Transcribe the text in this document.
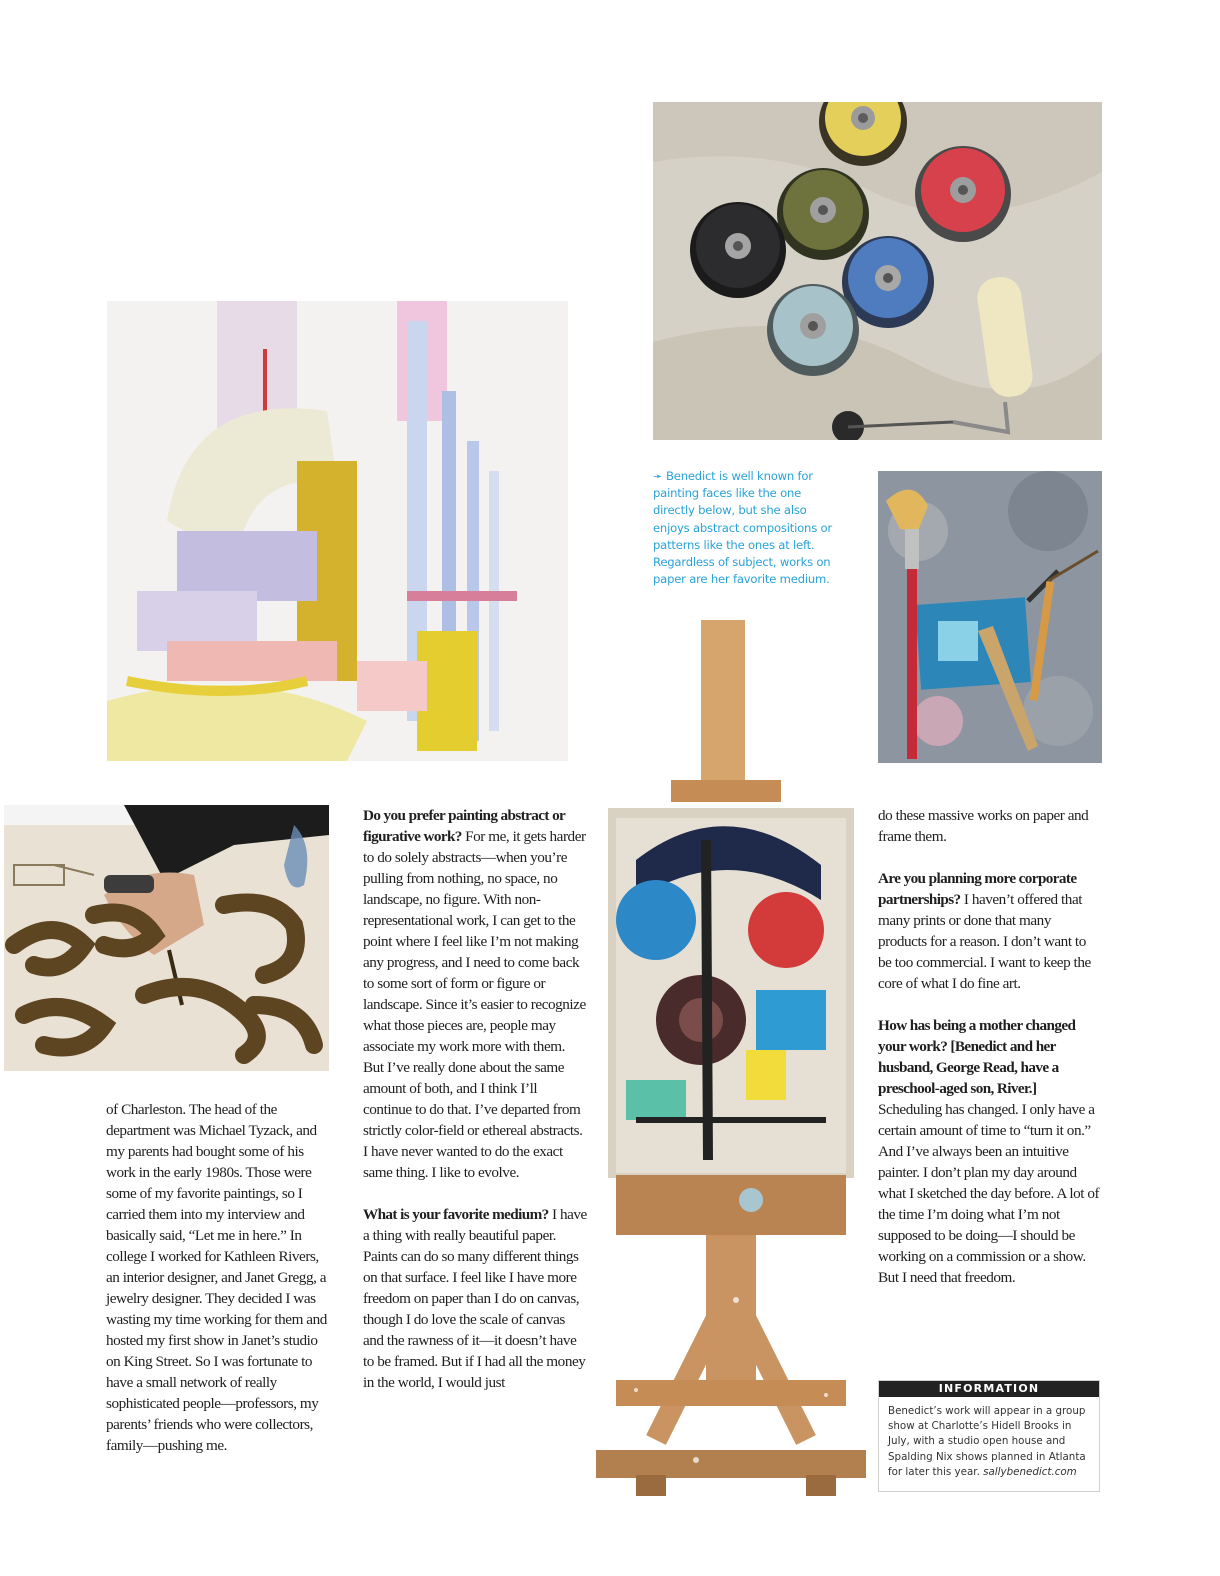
➛ Benedict is well known for painting faces like the one directly below, but she also enjoys abstract compositions or patterns like the ones at left. Regardless of subject, works on paper are her favorite medium.

of Charleston. The head of the department was Michael Tyzack, and my parents had bought some of his work in the early 1980s. Those were some of my favorite paintings, so I carried them into my interview and basically said, “Let me in here.” In college I worked for Kathleen Rivers, an interior designer, and Janet Gregg, a jewelry designer. They decided I was wasting my time working for them and hosted my first show in Janet’s studio on King Street. So I was fortunate to have a small network of really sophisticated people—professors, my parents’ friends who were collectors, family—pushing me.

Do you prefer painting abstract or figurative work? For me, it gets harder to do solely abstracts—when you’re pulling from nothing, no space, no landscape, no figure. With non-representational work, I can get to the point where I feel like I’m not making any progress, and I need to come back to some sort of form or figure or landscape. Since it’s easier to recognize what those pieces are, people may associate my work more with them. But I’ve really done about the same amount of both, and I think I’ll continue to do that. I’ve departed from strictly color-field or ethereal abstracts. I have never wanted to do the exact same thing. I like to evolve.

What is your favorite medium? I have a thing with really beautiful paper. Paints can do so many different things on that surface. I feel like I have more freedom on paper than I do on canvas, though I do love the scale of canvas and the rawness of it—it doesn’t have to be framed. But if I had all the money in the world, I would just

do these massive works on paper and frame them.

Are you planning more corporate partnerships? I haven’t offered that many prints or done that many products for a reason. I don’t want to be too commercial. I want to keep the core of what I do fine art.

How has being a mother changed your work? [Benedict and her husband, George Read, have a preschool-aged son, River.] Scheduling has changed. I only have a certain amount of time to “turn it on.” And I’ve always been an intuitive painter. I don’t plan my day around what I sketched the day before. A lot of the time I’m doing what I’m not supposed to be doing—I should be working on a commission or a show. But I need that freedom.

INFORMATION
Benedict’s work will appear in a group show at Charlotte’s Hidell Brooks in July, with a studio open house and Spalding Nix shows planned in Atlanta for later this year. sallybenedict.com
